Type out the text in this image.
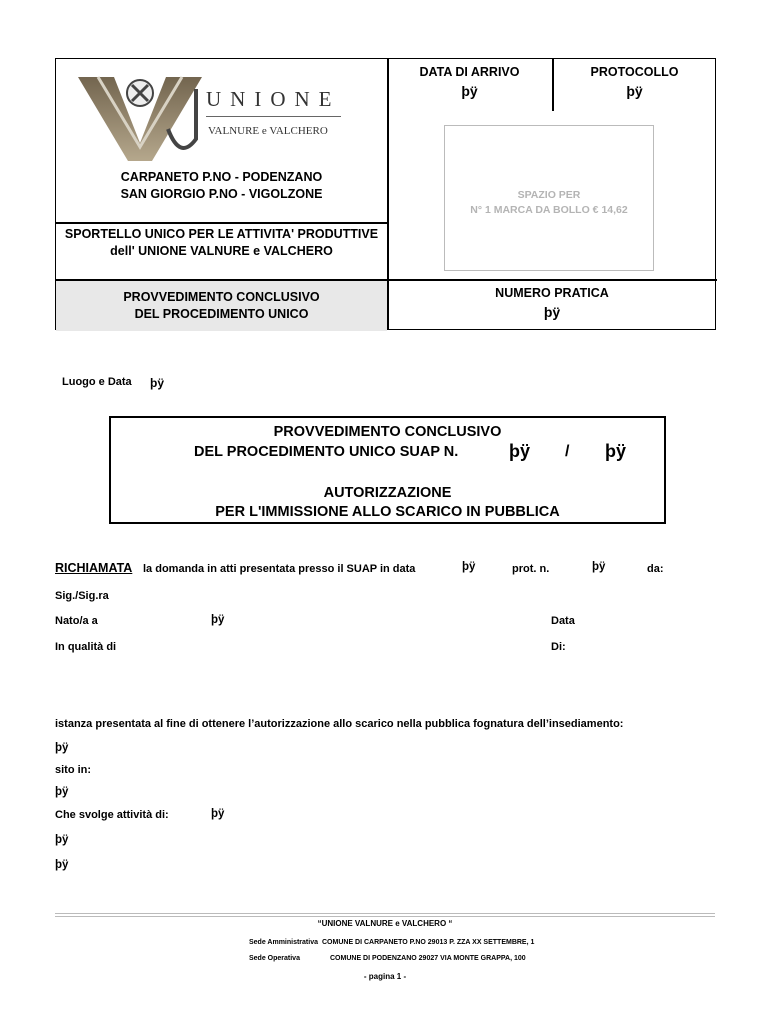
UNIONE
VALNURE e VALCHERO
CARPANETO P.NO - PODENZANO
SAN GIORGIO P.NO - VIGOLZONE
SPORTELLO UNICO PER LE ATTIVITA' PRODUTTIVE
dell' UNIONE VALNURE e VALCHERO
PROVVEDIMENTO CONCLUSIVO
DEL PROCEDIMENTO UNICO
DATA DI ARRIVO
þÿ
PROTOCOLLO
þÿ
SPAZIO PER
N° 1 MARCA DA BOLLO € 14,62
NUMERO PRATICA
þÿ
Luogo e Data þÿ
PROVVEDIMENTO CONCLUSIVO
DEL PROCEDIMENTO UNICO SUAP N.	þÿ / þÿ
AUTORIZZAZIONE
PER L'IMMISSIONE ALLO SCARICO IN PUBBLICA
RICHIAMATA la domanda in atti presentata presso il SUAP in data	þÿ	prot. n.	þÿ	da:
Sig./Sig.ra
Nato/a a	þÿ	Data
In qualità di	Di:
istanza presentata al fine di ottenere l’autorizzazione allo scarico nella pubblica fognatura dell’insediamento:
þÿ
sito in:
þÿ
Che svolge attività di:	þÿ
þÿ
þÿ
“UNIONE VALNURE e VALCHERO “
Sede Amministrativa COMUNE DI CARPANETO P.NO 29013 P. ZZA XX SETTEMBRE, 1
Sede Operativa	COMUNE DI PODENZANO 29027 VIA MONTE GRAPPA, 100
- pagina 1 -
